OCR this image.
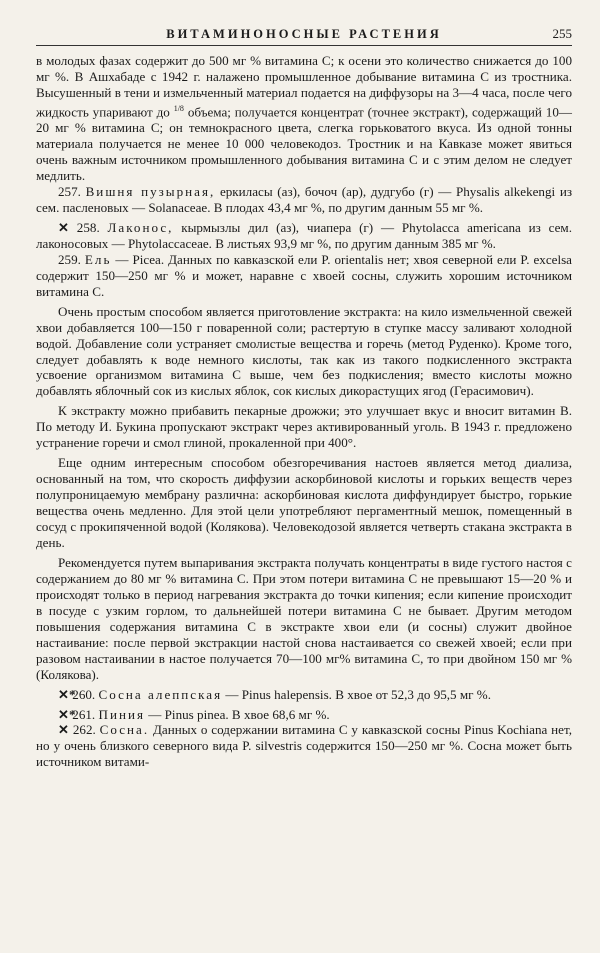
ВИТАМИНОНОСНЫЕ РАСТЕНИЯ	255

в молодых фазах содержит до 500 мг % витамина С; к осени это количество снижается до 100 мг %. В Ашхабаде с 1942 г. налажено промышленное добывание витамина С из тростника. Высушенный в тени и измельченный материал подается на диффузоры на 3—4 часа, после чего жидкость упаривают до $^{1/8}$ объема; получается концентрат (точнее экстракт), содержащий 10—20 мг % витамина С; он темнокрасного цвета, слегка горьковатого вкуса. Из одной тонны материала получается не менее 10 000 человекодоз. Тростник и на Кавказе может явиться очень важным источником промышленного добывания витамина С и с этим делом не следует медлить.

257. Вишня пузырная, еркиласы (аз), бочоч (ар), дудгубо (г) — Physalis alkekengi из сем. пасленовых — Solanaceae. В плодах 43,4 мг %, по другим данным 55 мг %.

✕ 258. Лаконос, кырмызлы дил (аз), чиапера (г) — Phytolacca americana из сем. лаконосовых — Phytolaccaceae. В листьях 93,9 мг %, по другим данным 385 мг %.

259. Ель — Picea. Данных по кавказской ели P. orientalis нет; хвоя северной ели P. excelsa содержит 150—250 мг % и может, наравне с хвоей сосны, служить хорошим источником витамина С.

Очень простым способом является приготовление экстракта: на кило измельченной свежей хвои добавляется 100—150 г поваренной соли; растертую в ступке массу заливают холодной водой. Добавление соли устраняет смолистые вещества и горечь (метод Руденко). Кроме того, следует добавлять к воде немного кислоты, так как из такого подкисленного экстракта усвоение организмом витамина С выше, чем без подкисления; вместо кислоты можно добавлять яблочный сок из кислых яблок, сок кислых дикорастущих ягод (Герасимович).

К экстракту можно прибавить пекарные дрожжи; это улучшает вкус и вносит витамин В. По методу И. Букина пропускают экстракт через активированный уголь. В 1943 г. предложено устранение горечи и смол глиной, прокаленной при 400°.

Еще одним интересным способом обезгоречивания настоев является метод диализа, основанный на том, что скорость диффузии аскорбиновой кислоты и горьких веществ через полупроницаемую мембрану различна: аскорбиновая кислота диффундирует быстро, горькие вещества очень медленно. Для этой цели употребляют пергаментный мешок, помещенный в сосуд с прокипяченной водой (Колякова). Человекодозой является четверть стакана экстракта в день.

Рекомендуется путем выпаривания экстракта получать концентраты в виде густого настоя с содержанием до 80 мг % витамина С. При этом потери витамина С не превышают 15—20 % и происходят только в период нагревания экстракта до точки кипения; если кипение происходит в посуде с узким горлом, то дальнейшей потери витамина С не бывает. Другим методом повышения содержания витамина С в экстракте хвои ели (и сосны) служит двойное настаивание: после первой экстракции настой снова настаивается со свежей хвоей; если при разовом настаивании в настое получается 70—100 мг% витамина С, то при двойном 150 мг % (Колякова).

✕* 260. Сосна алеппская — Pinus halepensis. В хвое от 52,3 до 95,5 мг %.

✕* 261. Пиния — Pinus pinea. В хвое 68,6 мг %.

✕ 262. Сосна. Данных о содержании витамина С у кавказской сосны Pinus Kochiana нет, но у очень близкого северного вида P. silvestris содержится 150—250 мг %. Сосна может быть источником витами-
